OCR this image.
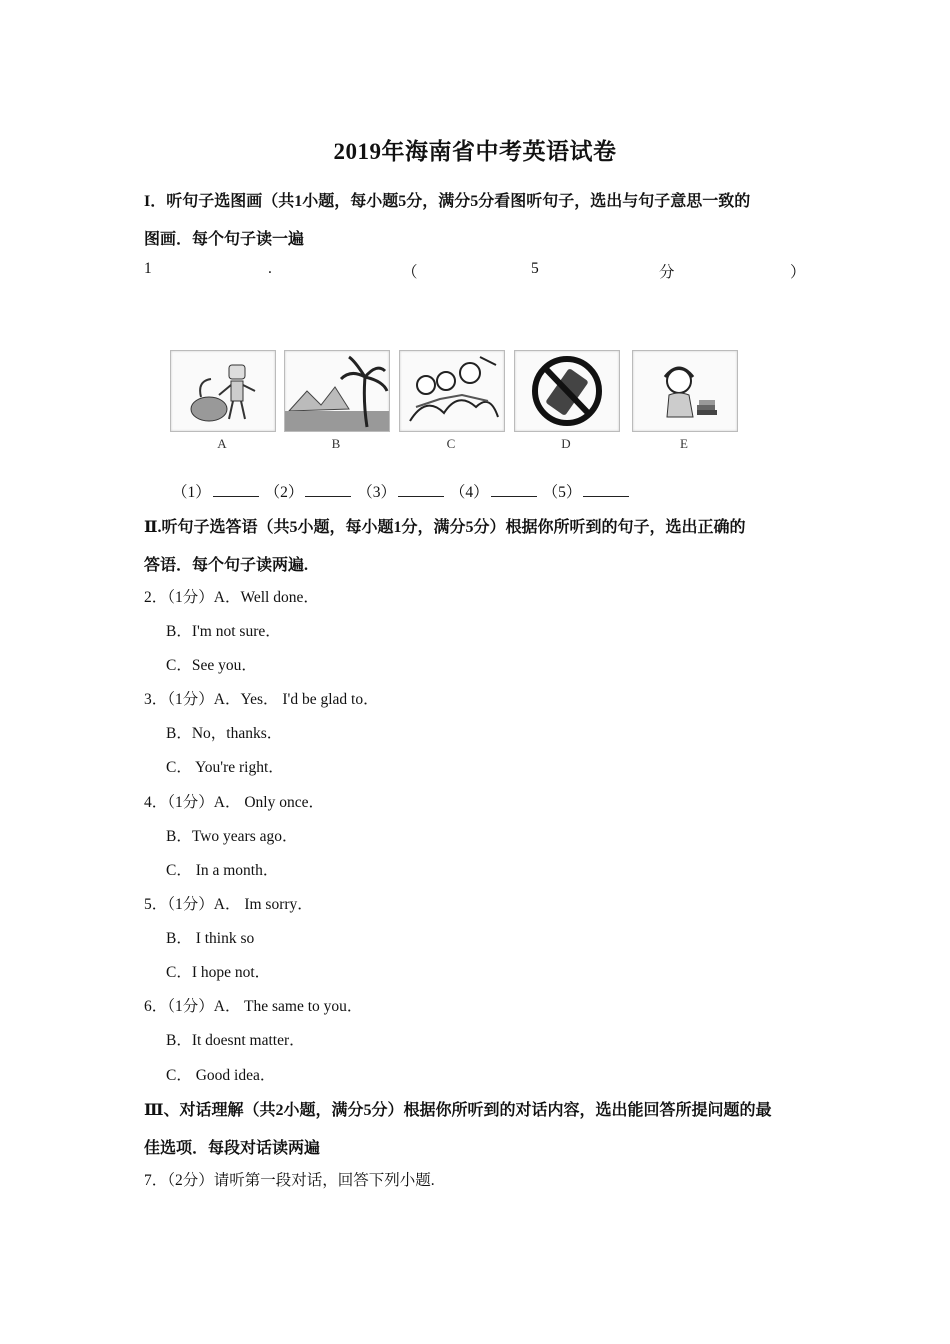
2019年海南省中考英语试卷
I．听句子选图画（共1小题，每小题5分，满分5分看图听句子，选出与句子意思一致的
图画．每个句子读一遍
1	.	（	5	分	）
A	B	C	D	E
（1）	（2）	（3）	（4）	（5）
Ⅱ.听句子选答语（共5小题，每小题1分，满分5分）根据你所听到的句子，选出正确的
答语．每个句子读两遍.
2．（1分）A．Well done．
B．I'm not sure．
C．See you．
3．（1分）A．Yes． I'd be glad to．
B．No，thanks．
C． You're right．
4．（1分）A． Only once．
B．Two years ago．
C． In a month．
5．（1分）A． Im sorry．
B． I think so
C．I hope not．
6．（1分）A． The same to you．
B．It doesnt matter．
C． Good idea．
Ⅲ、对话理解（共2小题，满分5分）根据你所听到的对话内容，选出能回答所提问题的最
佳选项．每段对话读两遍
7．（2分）请听第一段对话，回答下列小题.
